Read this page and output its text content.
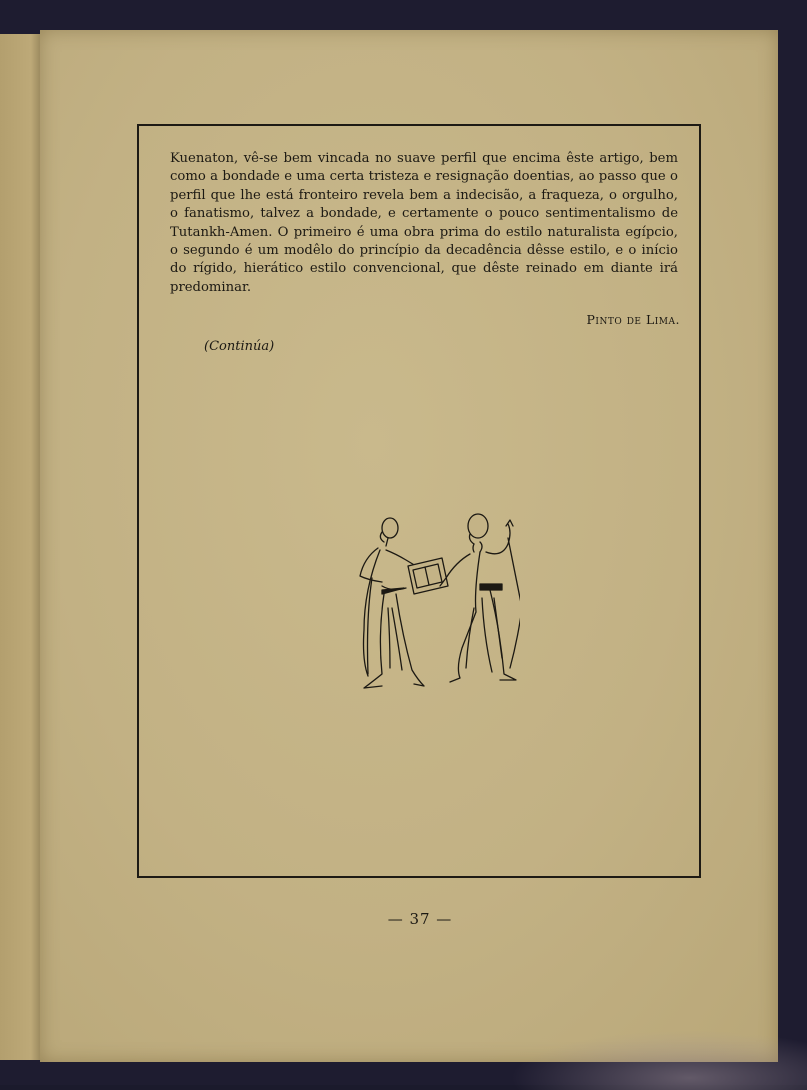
Kuenaton, vê-se bem vincada no suave perfil que encima êste artigo, bem como a bondade e uma certa tristeza e resignação doentias, ao passo que o perfil que lhe está fronteiro revela bem a indecisão, a fraqueza, o orgulho, o fanatismo, talvez a bondade, e certamente o pouco sentimentalismo de Tutankh-Amen. O primeiro é uma obra prima do estilo naturalista egípcio, o segundo é um modêlo do princípio da decadência dêsse estilo, e o início do rígido, hierático estilo convencional, que dêste reinado em diante irá predominar.

Pinto de Lima.
(Continúa)
— 37 —
